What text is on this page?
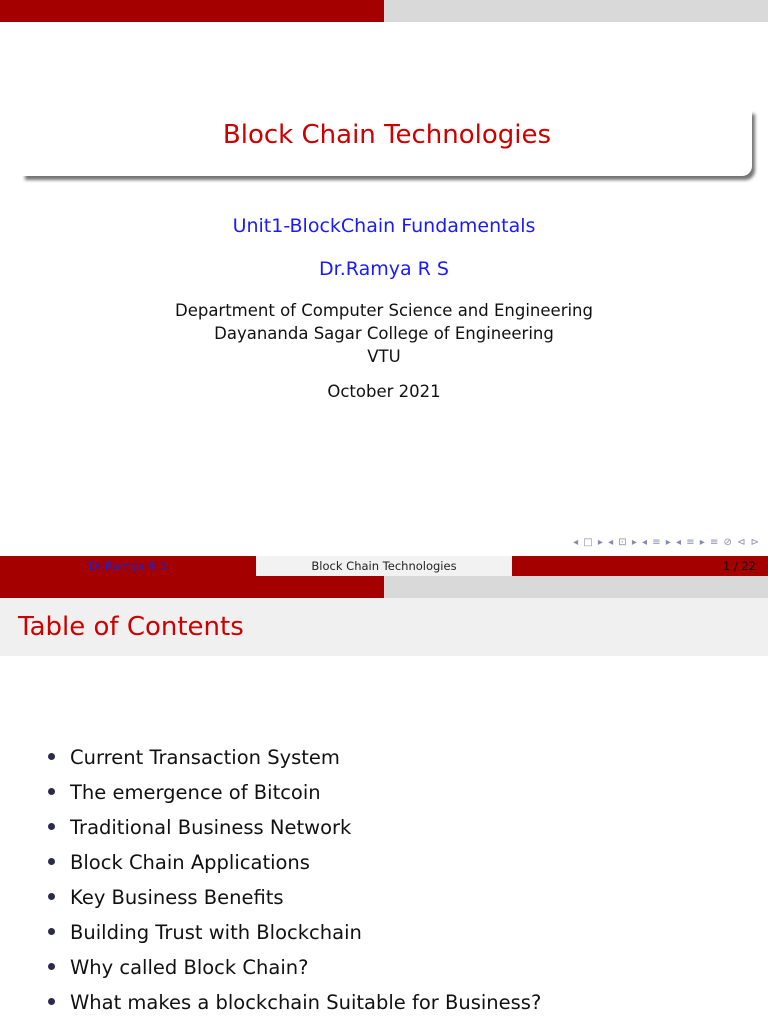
Block Chain Technologies
Unit1-BlockChain Fundamentals
Dr.Ramya R S
Department of Computer Science and Engineering
Dayananda Sagar College of Engineering
VTU
October 2021
◂ □ ▸ ◂ ⊡ ▸ ◂ ≡ ▸ ◂ ≡ ▸ ≡ ⊘ ⊲ ⊳
Dr.Ramya R S	Block Chain Technologies	1 / 22
Table of Contents
Current Transaction System
The emergence of Bitcoin
Traditional Business Network
Block Chain Applications
Key Business Benefits
Building Trust with Blockchain
Why called Block Chain?
What makes a blockchain Suitable for Business?
